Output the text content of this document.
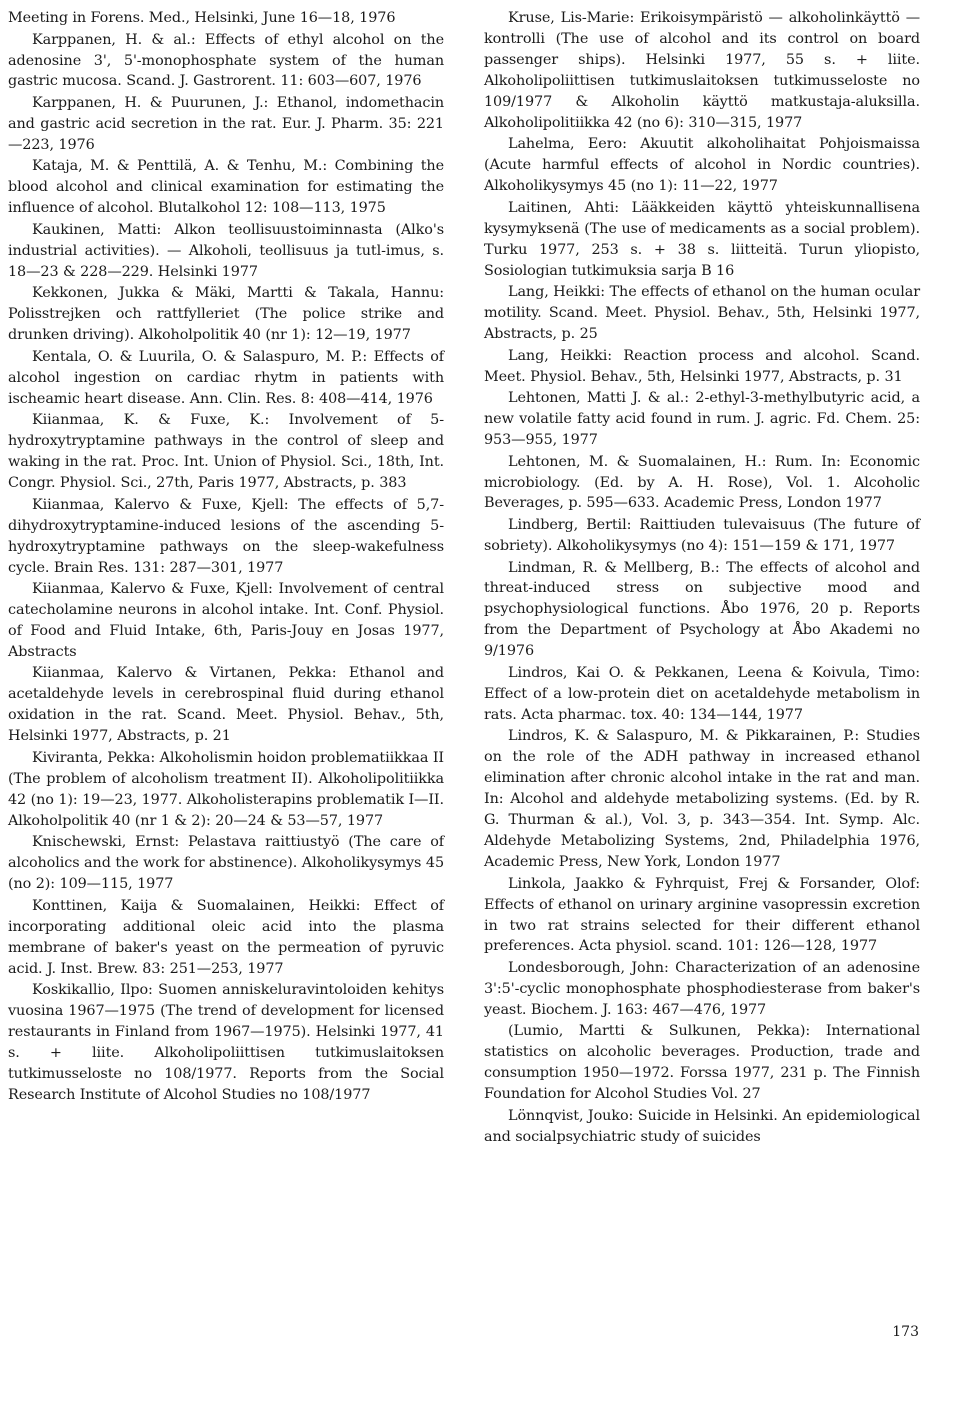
Meeting in Forens. Med., Helsinki, June 16—18, 1976

Karppanen, H. & al.: Effects of ethyl alcohol on the adenosine 3', 5'-monophosphate system of the human gastric mucosa. Scand. J. Gastrorent. 11: 603—607, 1976

Karppanen, H. & Puurunen, J.: Ethanol, indomethacin and gastric acid secretion in the rat. Eur. J. Pharm. 35: 221—223, 1976

Kataja, M. & Penttilä, A. & Tenhu, M.: Combining the blood alcohol and clinical examination for estimating the influence of alcohol. Blutalkohol 12: 108—113, 1975

Kaukinen, Matti: Alkon teollisuustoiminnasta (Alko's industrial activities). — Alkoholi, teollisuus ja tutl-imus, s. 18—23 & 228—229. Helsinki 1977

Kekkonen, Jukka & Mäki, Martti & Takala, Hannu: Polisstrejken och rattfylleriet (The police strike and drunken driving). Alkoholpolitik 40 (nr 1): 12—19, 1977

Kentala, O. & Luurila, O. & Salaspuro, M. P.: Effects of alcohol ingestion on cardiac rhytm in patients with ischeamic heart disease. Ann. Clin. Res. 8: 408—414, 1976

Kiianmaa, K. & Fuxe, K.: Involvement of 5-hydroxytryptamine pathways in the control of sleep and waking in the rat. Proc. Int. Union of Physiol. Sci., 18th, Int. Congr. Physiol. Sci., 27th, Paris 1977, Abstracts, p. 383

Kiianmaa, Kalervo & Fuxe, Kjell: The effects of 5,7-dihydroxytryptamine-induced lesions of the ascending 5-hydroxytryptamine pathways on the sleep-wakefulness cycle. Brain Res. 131: 287—301, 1977

Kiianmaa, Kalervo & Fuxe, Kjell: Involvement of central catecholamine neurons in alcohol intake. Int. Conf. Physiol. of Food and Fluid Intake, 6th, Paris-Jouy en Josas 1977, Abstracts

Kiianmaa, Kalervo & Virtanen, Pekka: Ethanol and acetaldehyde levels in cerebrospinal fluid during ethanol oxidation in the rat. Scand. Meet. Physiol. Behav., 5th, Helsinki 1977, Abstracts, p. 21

Kiviranta, Pekka: Alkoholismin hoidon problematiikkaa II (The problem of alcoholism treatment II). Alkoholipolitiikka 42 (no 1): 19—23, 1977. Alkoholisterapins problematik I—II. Alkoholpolitik 40 (nr 1 & 2): 20—24 & 53—57, 1977

Knischewski, Ernst: Pelastava raittiustyö (The care of alcoholics and the work for abstinence). Alkoholikysymys 45 (no 2): 109—115, 1977

Konttinen, Kaija & Suomalainen, Heikki: Effect of incorporating additional oleic acid into the plasma membrane of baker's yeast on the permeation of pyruvic acid. J. Inst. Brew. 83: 251—253, 1977

Koskikallio, Ilpo: Suomen anniskeluravintoloiden kehitys vuosina 1967—1975 (The trend of development for licensed restaurants in Finland from 1967—1975). Helsinki 1977, 41 s. + liite. Alkoholipoliittisen tutkimuslaitoksen tutkimusseloste no 108/1977. Reports from the Social Research Institute of Alcohol Studies no 108/1977

Kruse, Lis-Marie: Erikoisympäristö — alkoholinkäyttö — kontrolli (The use of alcohol and its control on board passenger ships). Helsinki 1977, 55 s. + liite. Alkoholipoliittisen tutkimuslaitoksen tutkimusseloste no 109/1977 & Alkoholin käyttö matkustaja-aluksilla. Alkoholipolitiikka 42 (no 6): 310—315, 1977

Lahelma, Eero: Akuutit alkoholihaitat Pohjoismaissa (Acute harmful effects of alcohol in Nordic countries). Alkoholikysymys 45 (no 1): 11—22, 1977

Laitinen, Ahti: Lääkkeiden käyttö yhteiskunnallisena kysymyksenä (The use of medicaments as a social problem). Turku 1977, 253 s. + 38 s. liitteitä. Turun yliopisto, Sosiologian tutkimuksia sarja B 16

Lang, Heikki: The effects of ethanol on the human ocular motility. Scand. Meet. Physiol. Behav., 5th, Helsinki 1977, Abstracts, p. 25

Lang, Heikki: Reaction process and alcohol. Scand. Meet. Physiol. Behav., 5th, Helsinki 1977, Abstracts, p. 31

Lehtonen, Matti J. & al.: 2-ethyl-3-methylbutyric acid, a new volatile fatty acid found in rum. J. agric. Fd. Chem. 25: 953—955, 1977

Lehtonen, M. & Suomalainen, H.: Rum. In: Economic microbiology. (Ed. by A. H. Rose), Vol. 1. Alcoholic Beverages, p. 595—633. Academic Press, London 1977

Lindberg, Bertil: Raittiuden tulevaisuus (The future of sobriety). Alkoholikysymys (no 4): 151—159 & 171, 1977

Lindman, R. & Mellberg, B.: The effects of alcohol and threat-induced stress on subjective mood and psychophysiological functions. Åbo 1976, 20 p. Reports from the Department of Psychology at Åbo Akademi no 9/1976

Lindros, Kai O. & Pekkanen, Leena & Koivula, Timo: Effect of a low-protein diet on acetaldehyde metabolism in rats. Acta pharmac. tox. 40: 134—144, 1977

Lindros, K. & Salaspuro, M. & Pikkarainen, P.: Studies on the role of the ADH pathway in increased ethanol elimination after chronic alcohol intake in the rat and man. In: Alcohol and aldehyde metabolizing systems. (Ed. by R. G. Thurman & al.), Vol. 3, p. 343—354. Int. Symp. Alc. Aldehyde Metabolizing Systems, 2nd, Philadelphia 1976, Academic Press, New York, London 1977

Linkola, Jaakko & Fyhrquist, Frej & Forsander, Olof: Effects of ethanol on urinary arginine vasopressin excretion in two rat strains selected for their different ethanol preferences. Acta physiol. scand. 101: 126—128, 1977

Londesborough, John: Characterization of an adenosine 3':5'-cyclic monophosphate phosphodiesterase from baker's yeast. Biochem. J. 163: 467—476, 1977

(Lumio, Martti & Sulkunen, Pekka): International statistics on alcoholic beverages. Production, trade and consumption 1950—1972. Forssa 1977, 231 p. The Finnish Foundation for Alcohol Studies Vol. 27

Lönnqvist, Jouko: Suicide in Helsinki. An epidemiological and socialpsychiatric study of suicides

173
